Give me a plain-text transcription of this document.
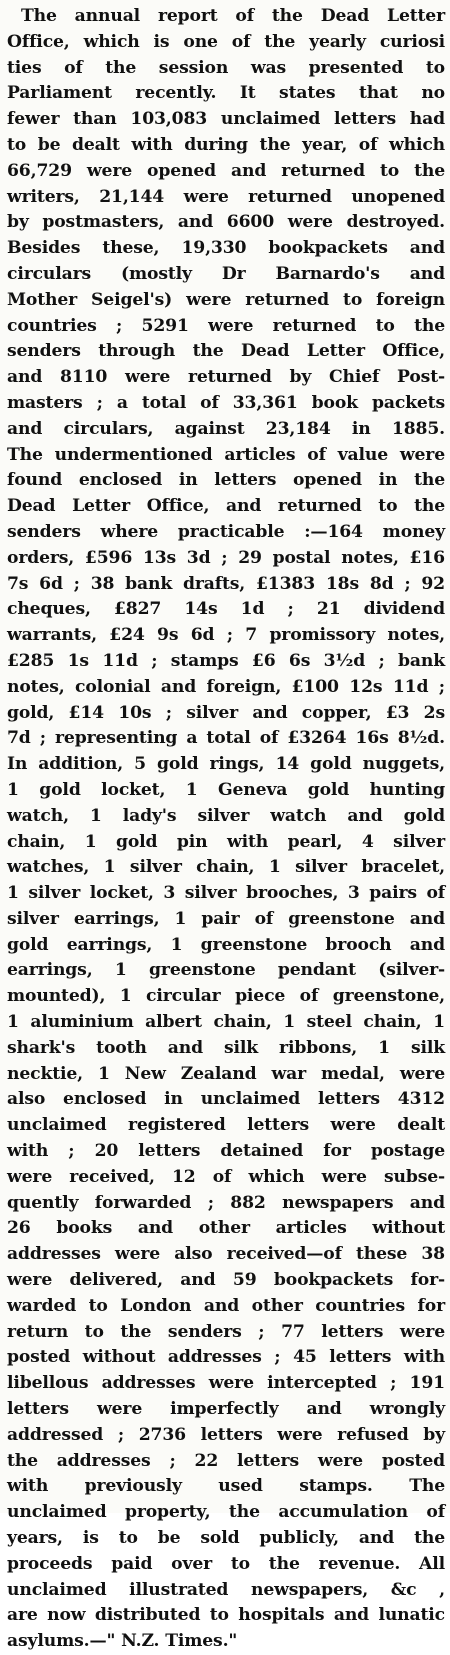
The annual report of the Dead Letter
Office, which is one of the yearly curiosi
ties of the session was presented to
Parliament recently. It states that no
fewer than 103,083 unclaimed letters had
to be dealt with during the year, of which
66,729 were opened and returned to the
writers, 21,144 were returned unopened
by postmasters, and 6600 were destroyed.
Besides these, 19,330 bookpackets and
circulars (mostly Dr Barnardo's and
Mother Seigel's) were returned to foreign
countries ; 5291 were returned to the
senders through the Dead Letter Office,
and 8110 were returned by Chief Post-
masters ; a total of 33,361 book packets
and circulars, against 23,184 in 1885.
The undermentioned articles of value were
found enclosed in letters opened in the
Dead Letter Office, and returned to the
senders where practicable :—164 money
orders, £596 13s 3d ; 29 postal notes, £16
7s 6d ; 38 bank drafts, £1383 18s 8d ; 92
cheques, £827 14s 1d ; 21 dividend
warrants, £24 9s 6d ; 7 promissory notes,
£285 1s 11d ; stamps £6 6s 3½d ; bank
notes, colonial and foreign, £100 12s 11d ;
gold, £14 10s ; silver and copper, £3 2s
7d ; representing a total of £3264 16s 8½d.
In addition, 5 gold rings, 14 gold nuggets,
1 gold locket, 1 Geneva gold hunting
watch, 1 lady's silver watch and gold
chain, 1 gold pin with pearl, 4 silver
watches, 1 silver chain, 1 silver bracelet,
1 silver locket, 3 silver brooches, 3 pairs of
silver earrings, 1 pair of greenstone and
gold earrings, 1 greenstone brooch and
earrings, 1 greenstone pendant (silver-
mounted), 1 circular piece of greenstone,
1 aluminium albert chain, 1 steel chain, 1
shark's tooth and silk ribbons, 1 silk
necktie, 1 New Zealand war medal, were
also enclosed in unclaimed letters 4312
unclaimed registered letters were dealt
with ; 20 letters detained for postage
were received, 12 of which were subse-
quently forwarded ; 882 newspapers and
26 books and other articles without
addresses were also received—of these 38
were delivered, and 59 bookpackets for-
warded to London and other countries for
return to the senders ; 77 letters were
posted without addresses ; 45 letters with
libellous addresses were intercepted ; 191
letters were imperfectly and wrongly
addressed ; 2736 letters were refused by
the addresses ; 22 letters were posted
with previously used stamps. The
unclaimed property, the accumulation of
years, is to be sold publicly, and the
proceeds paid over to the revenue. All
unclaimed illustrated newspapers, &c ,
are now distributed to hospitals and lunatic
asylums.—" N.Z. Times."
